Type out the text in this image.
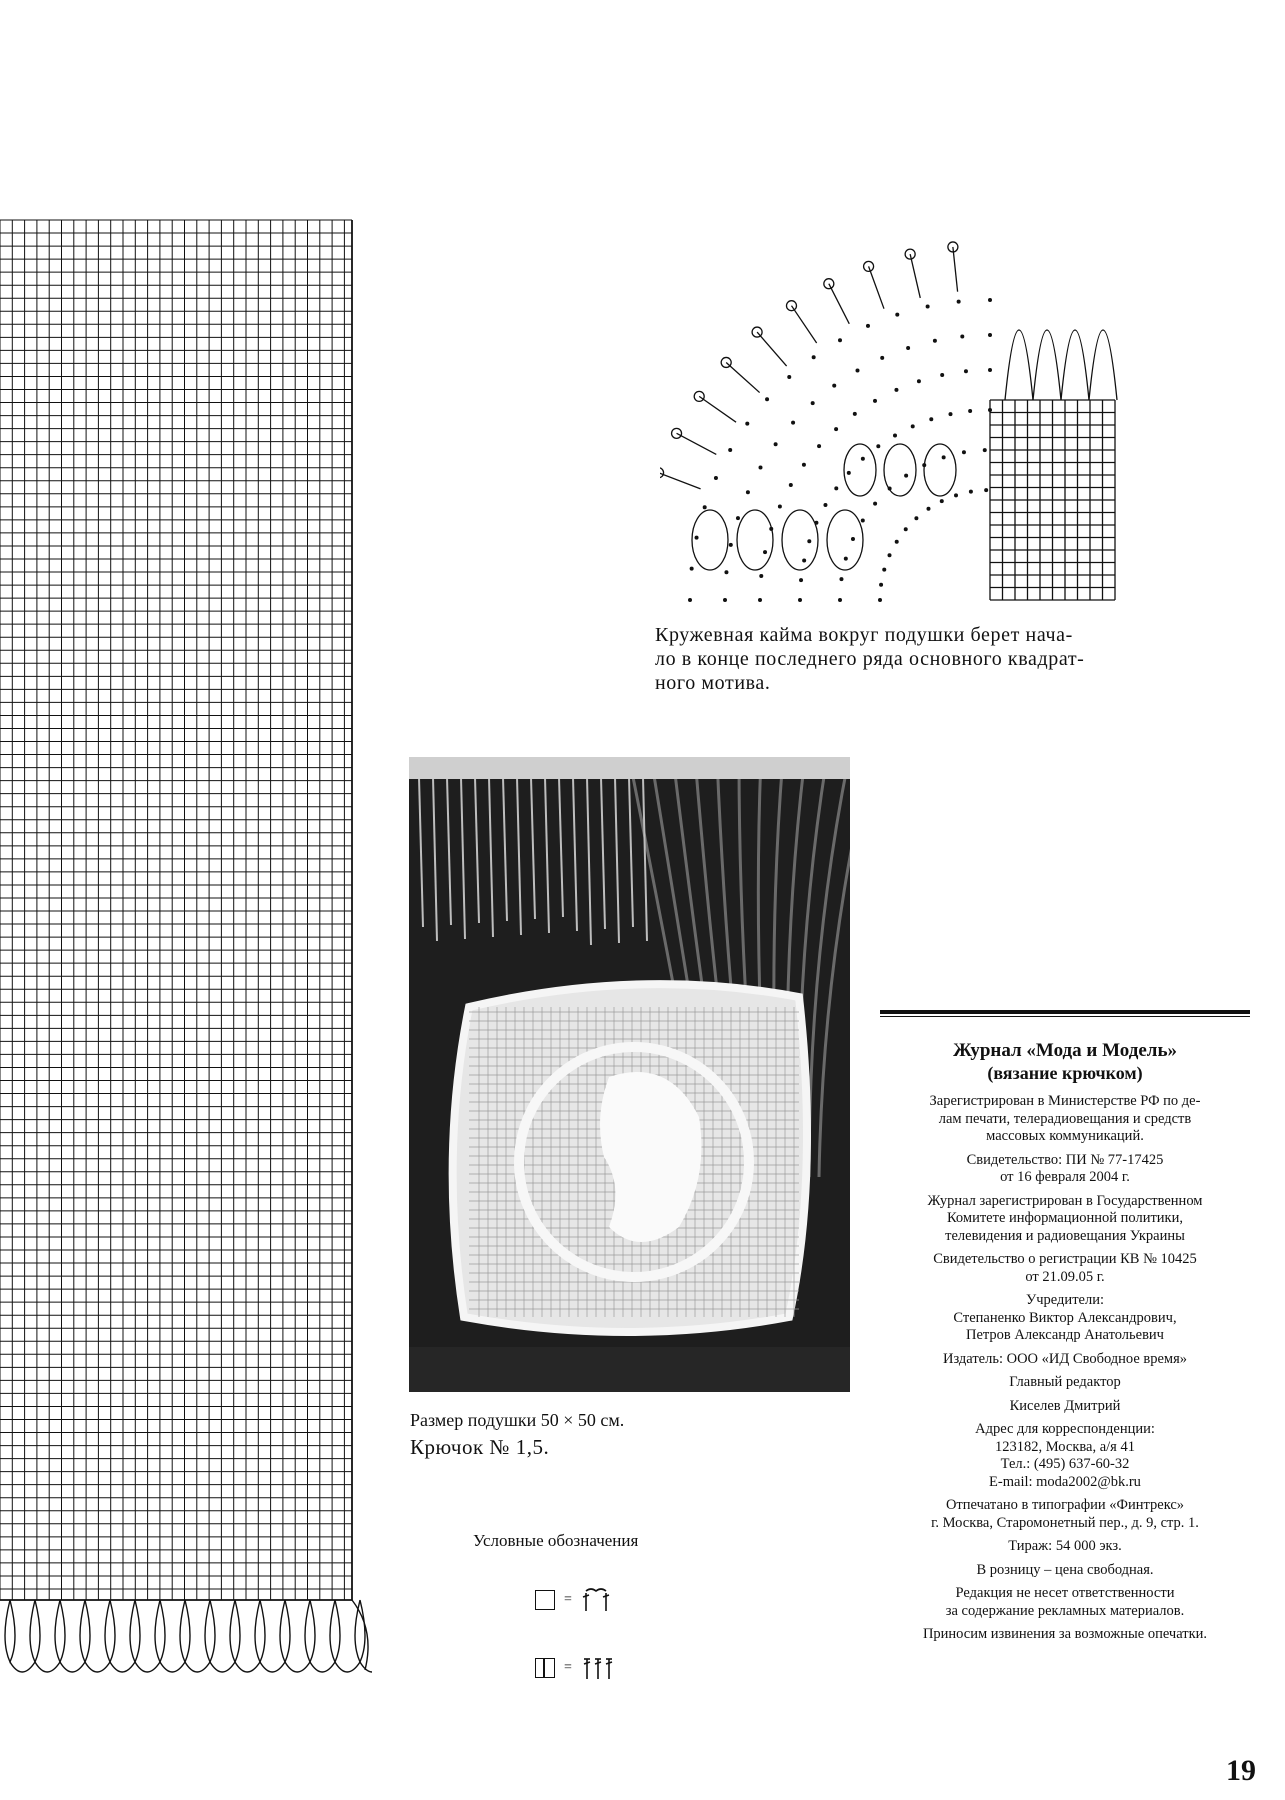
Кружевная кайма вокруг подушки берет нача-
ло в конце последнего ряда основного квадрат-
ного мотива.
Размер подушки 50 × 50 см.
Крючок № 1,5.
Условные обозначения
=
=
Журнал «Мода и Модель»
(вязание крючком)
Зарегистрирован в Министерстве РФ по де-
лам печати, телерадиовещания и средств
массовых коммуникаций.
Свидетельство: ПИ № 77-17425
от 16 февраля 2004 г.
Журнал зарегистрирован в Государственном
Комитете информационной политики,
телевидения и радиовещания Украины
Свидетельство о регистрации КВ № 10425
от 21.09.05 г.
Учредители:
Степаненко Виктор Александрович,
Петров Александр Анатольевич
Издатель: ООО «ИД Свободное время»
Главный редактор
Киселев Дмитрий
Адрес для корреспонденции:
123182, Москва, а/я 41
Тел.: (495) 637-60-32
E-mail: moda2002@bk.ru
Отпечатано в типографии «Финтрекс»
г. Москва, Старомонетный пер., д. 9, стр. 1.
Тираж: 54 000 экз.
В розницу – цена свободная.
Редакция не несет ответственности
за содержание рекламных материалов.
Приносим извинения за возможные опечатки.
19
